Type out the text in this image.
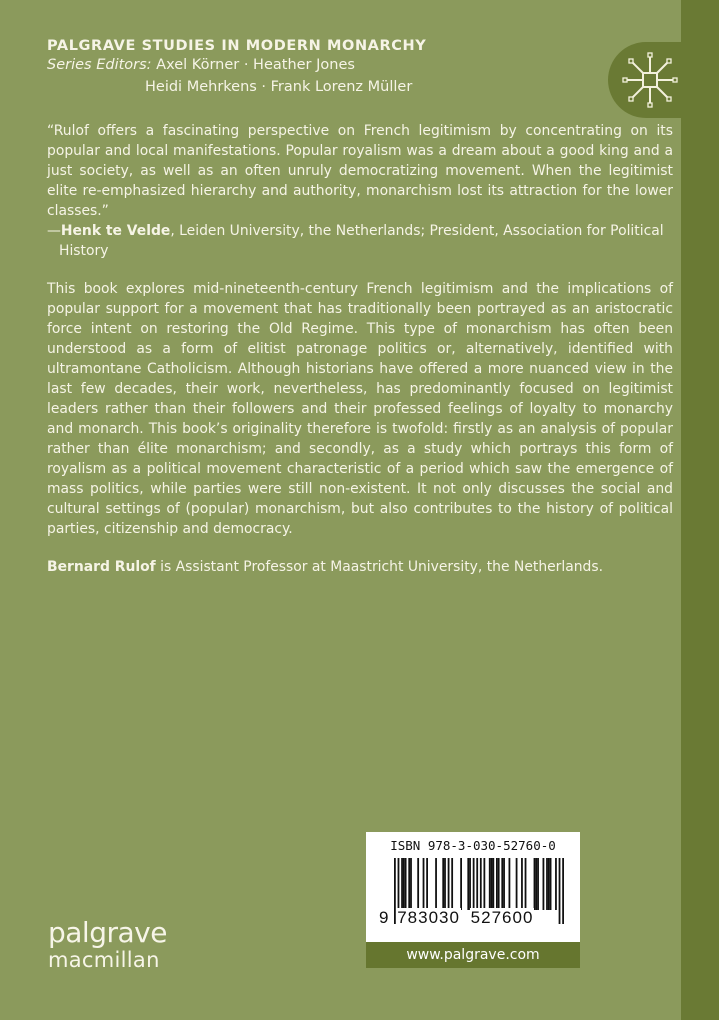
PALGRAVE STUDIES IN MODERN MONARCHY
Series Editors: Axel Körner · Heather Jones
Heidi Mehrkens · Frank Lorenz Müller

“Rulof offers a fascinating perspective on French legitimism by concentrating on its popular and local manifestations. Popular royalism was a dream about a good king and a just society, as well as an often unruly democratizing movement. When the legitimist elite re-emphasized hierarchy and authority, monarchism lost its attraction for the lower classes.”

—Henk te Velde, Leiden University, the Netherlands; President, Association for Political History

This book explores mid-nineteenth-century French legitimism and the implications of popular support for a movement that has traditionally been portrayed as an aristocratic force intent on restoring the Old Regime. This type of monarchism has often been understood as a form of elitist patronage politics or, alternatively, identified with ultramontane Catholicism. Although historians have offered a more nuanced view in the last few decades, their work, nevertheless, has predominantly focused on legitimist leaders rather than their followers and their professed feelings of loyalty to monarchy and monarch. This book’s originality therefore is twofold: firstly as an analysis of popular rather than élite monarchism; and secondly, as a study which portrays this form of royalism as a political movement characteristic of a period which saw the emergence of mass politics, while parties were still non-existent. It not only discusses the social and cultural settings of (popular) monarchism, but also contributes to the history of political parties, citizenship and democracy.

Bernard Rulof is Assistant Professor at Maastricht University, the Netherlands.

ISBN 978-3-030-52760-0
9 783030 527600
www.palgrave.com
palgrave
macmillan
